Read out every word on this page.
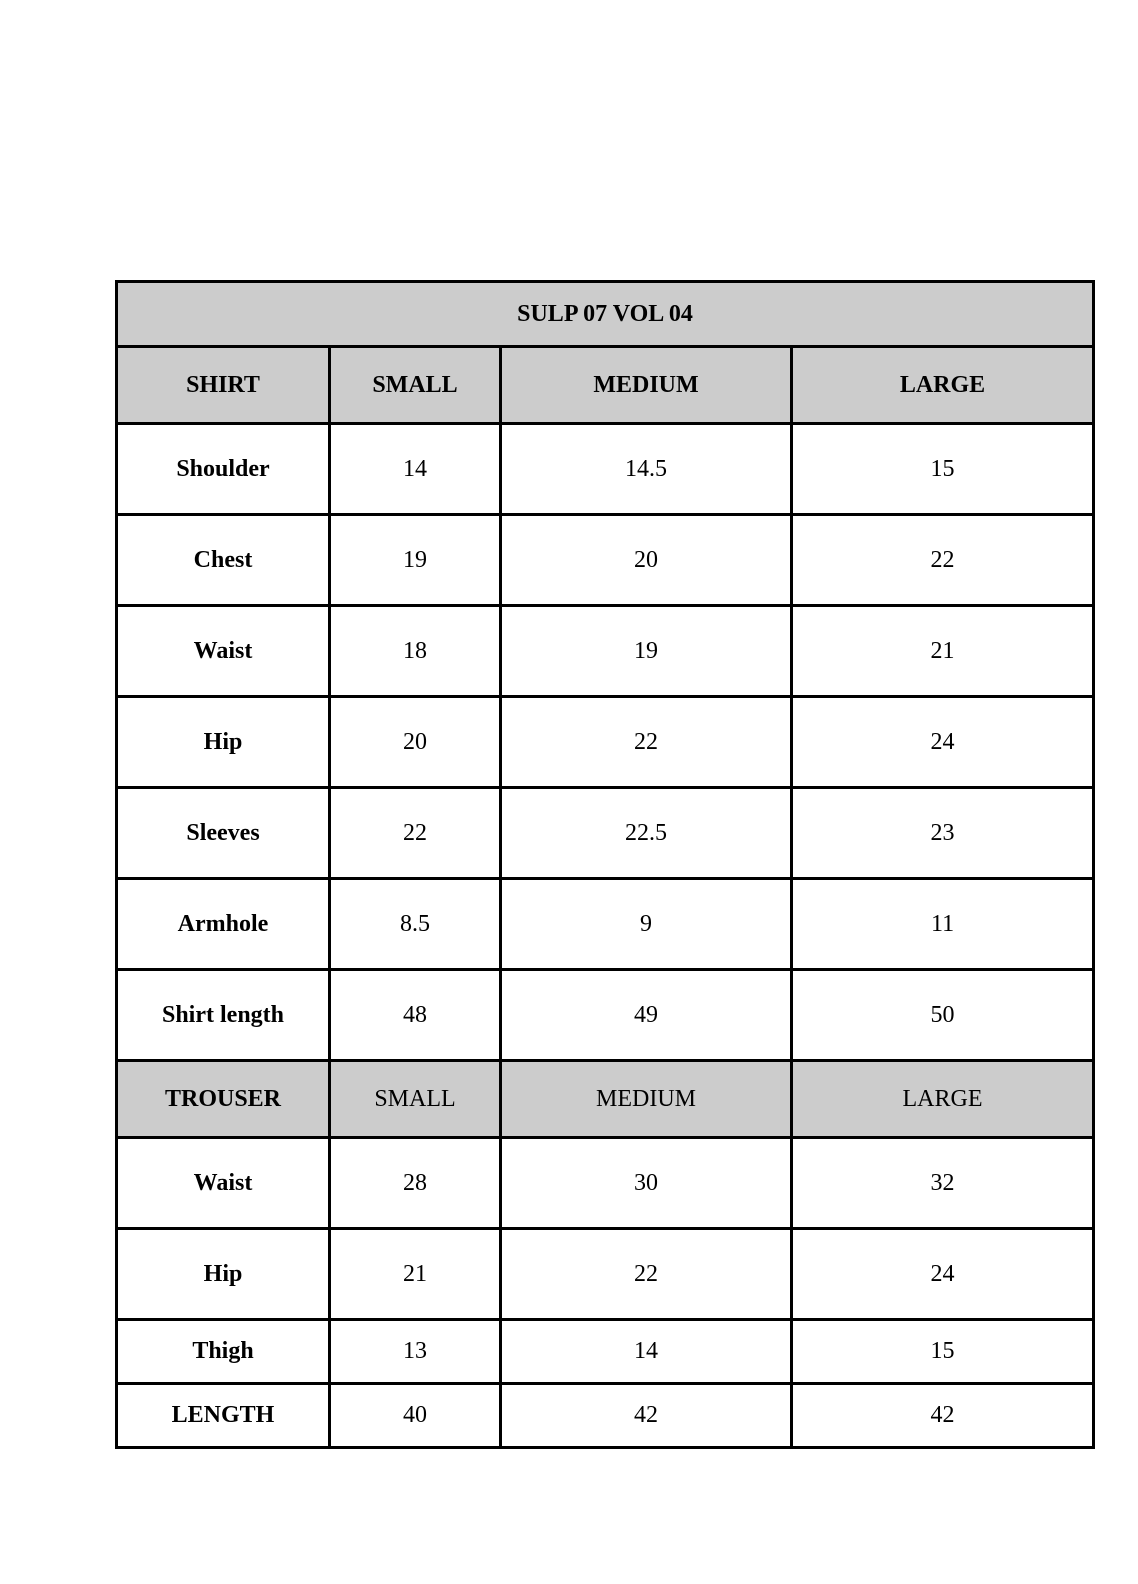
SULP 07 VOL 04			
SHIRT	SMALL	MEDIUM	LARGE
Shoulder	14	14.5	15
Chest	19	20	22
Waist	18	19	21
Hip	20	22	24
Sleeves	22	22.5	23
Armhole	8.5	9	11
Shirt length	48	49	50
TROUSER	SMALL	MEDIUM	LARGE
Waist	28	30	32
Hip	21	22	24
Thigh	13	14	15
LENGTH	40	42	42
